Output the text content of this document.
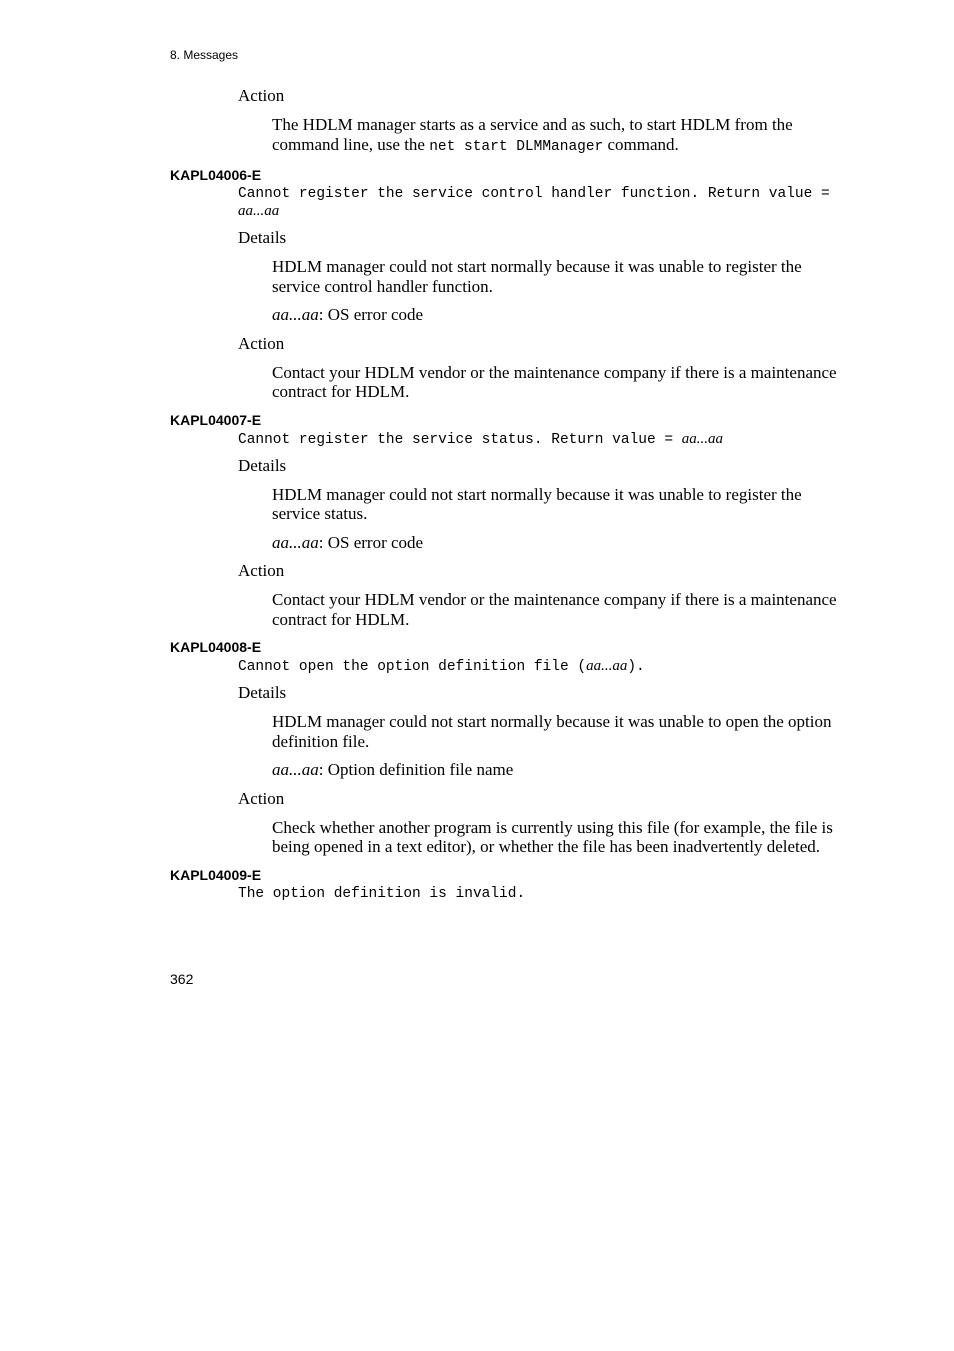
8. Messages
Action
The HDLM manager starts as a service and as such, to start HDLM from the command line, use the net start DLMManager command.
KAPL04006-E
Cannot register the service control handler function. Return value = aa...aa
Details
HDLM manager could not start normally because it was unable to register the service control handler function.
aa...aa: OS error code
Action
Contact your HDLM vendor or the maintenance company if there is a maintenance contract for HDLM.
KAPL04007-E
Cannot register the service status. Return value = aa...aa
Details
HDLM manager could not start normally because it was unable to register the service status.
aa...aa: OS error code
Action
Contact your HDLM vendor or the maintenance company if there is a maintenance contract for HDLM.
KAPL04008-E
Cannot open the option definition file (aa...aa).
Details
HDLM manager could not start normally because it was unable to open the option definition file.
aa...aa: Option definition file name
Action
Check whether another program is currently using this file (for example, the file is being opened in a text editor), or whether the file has been inadvertently deleted.
KAPL04009-E
The option definition is invalid.
362
